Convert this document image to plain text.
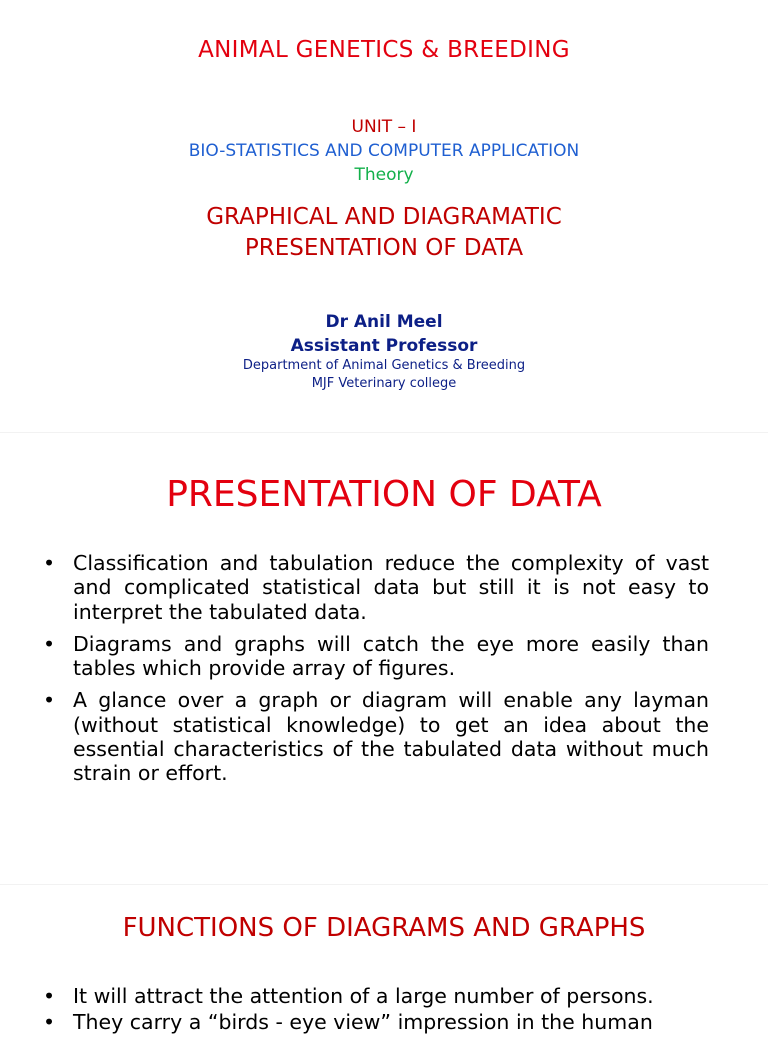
ANIMAL GENETICS & BREEDING
UNIT – I
BIO-STATISTICS AND COMPUTER APPLICATION
Theory
GRAPHICAL AND DIAGRAMATIC
PRESENTATION OF DATA
Dr Anil Meel
Assistant Professor
Department of Animal Genetics & Breeding
MJF Veterinary college
PRESENTATION OF DATA
• Classification and tabulation reduce the complexity of vast and complicated statistical data but still it is not easy to interpret the tabulated data.
• Diagrams and graphs will catch the eye more easily than tables which provide array of figures.
• A glance over a graph or diagram will enable any layman (without statistical knowledge) to get an idea about the essential characteristics of the tabulated data without much strain or effort.
FUNCTIONS OF DIAGRAMS AND GRAPHS
• It will attract the attention of a large number of persons.
• They carry a “birds - eye view” impression in the human
